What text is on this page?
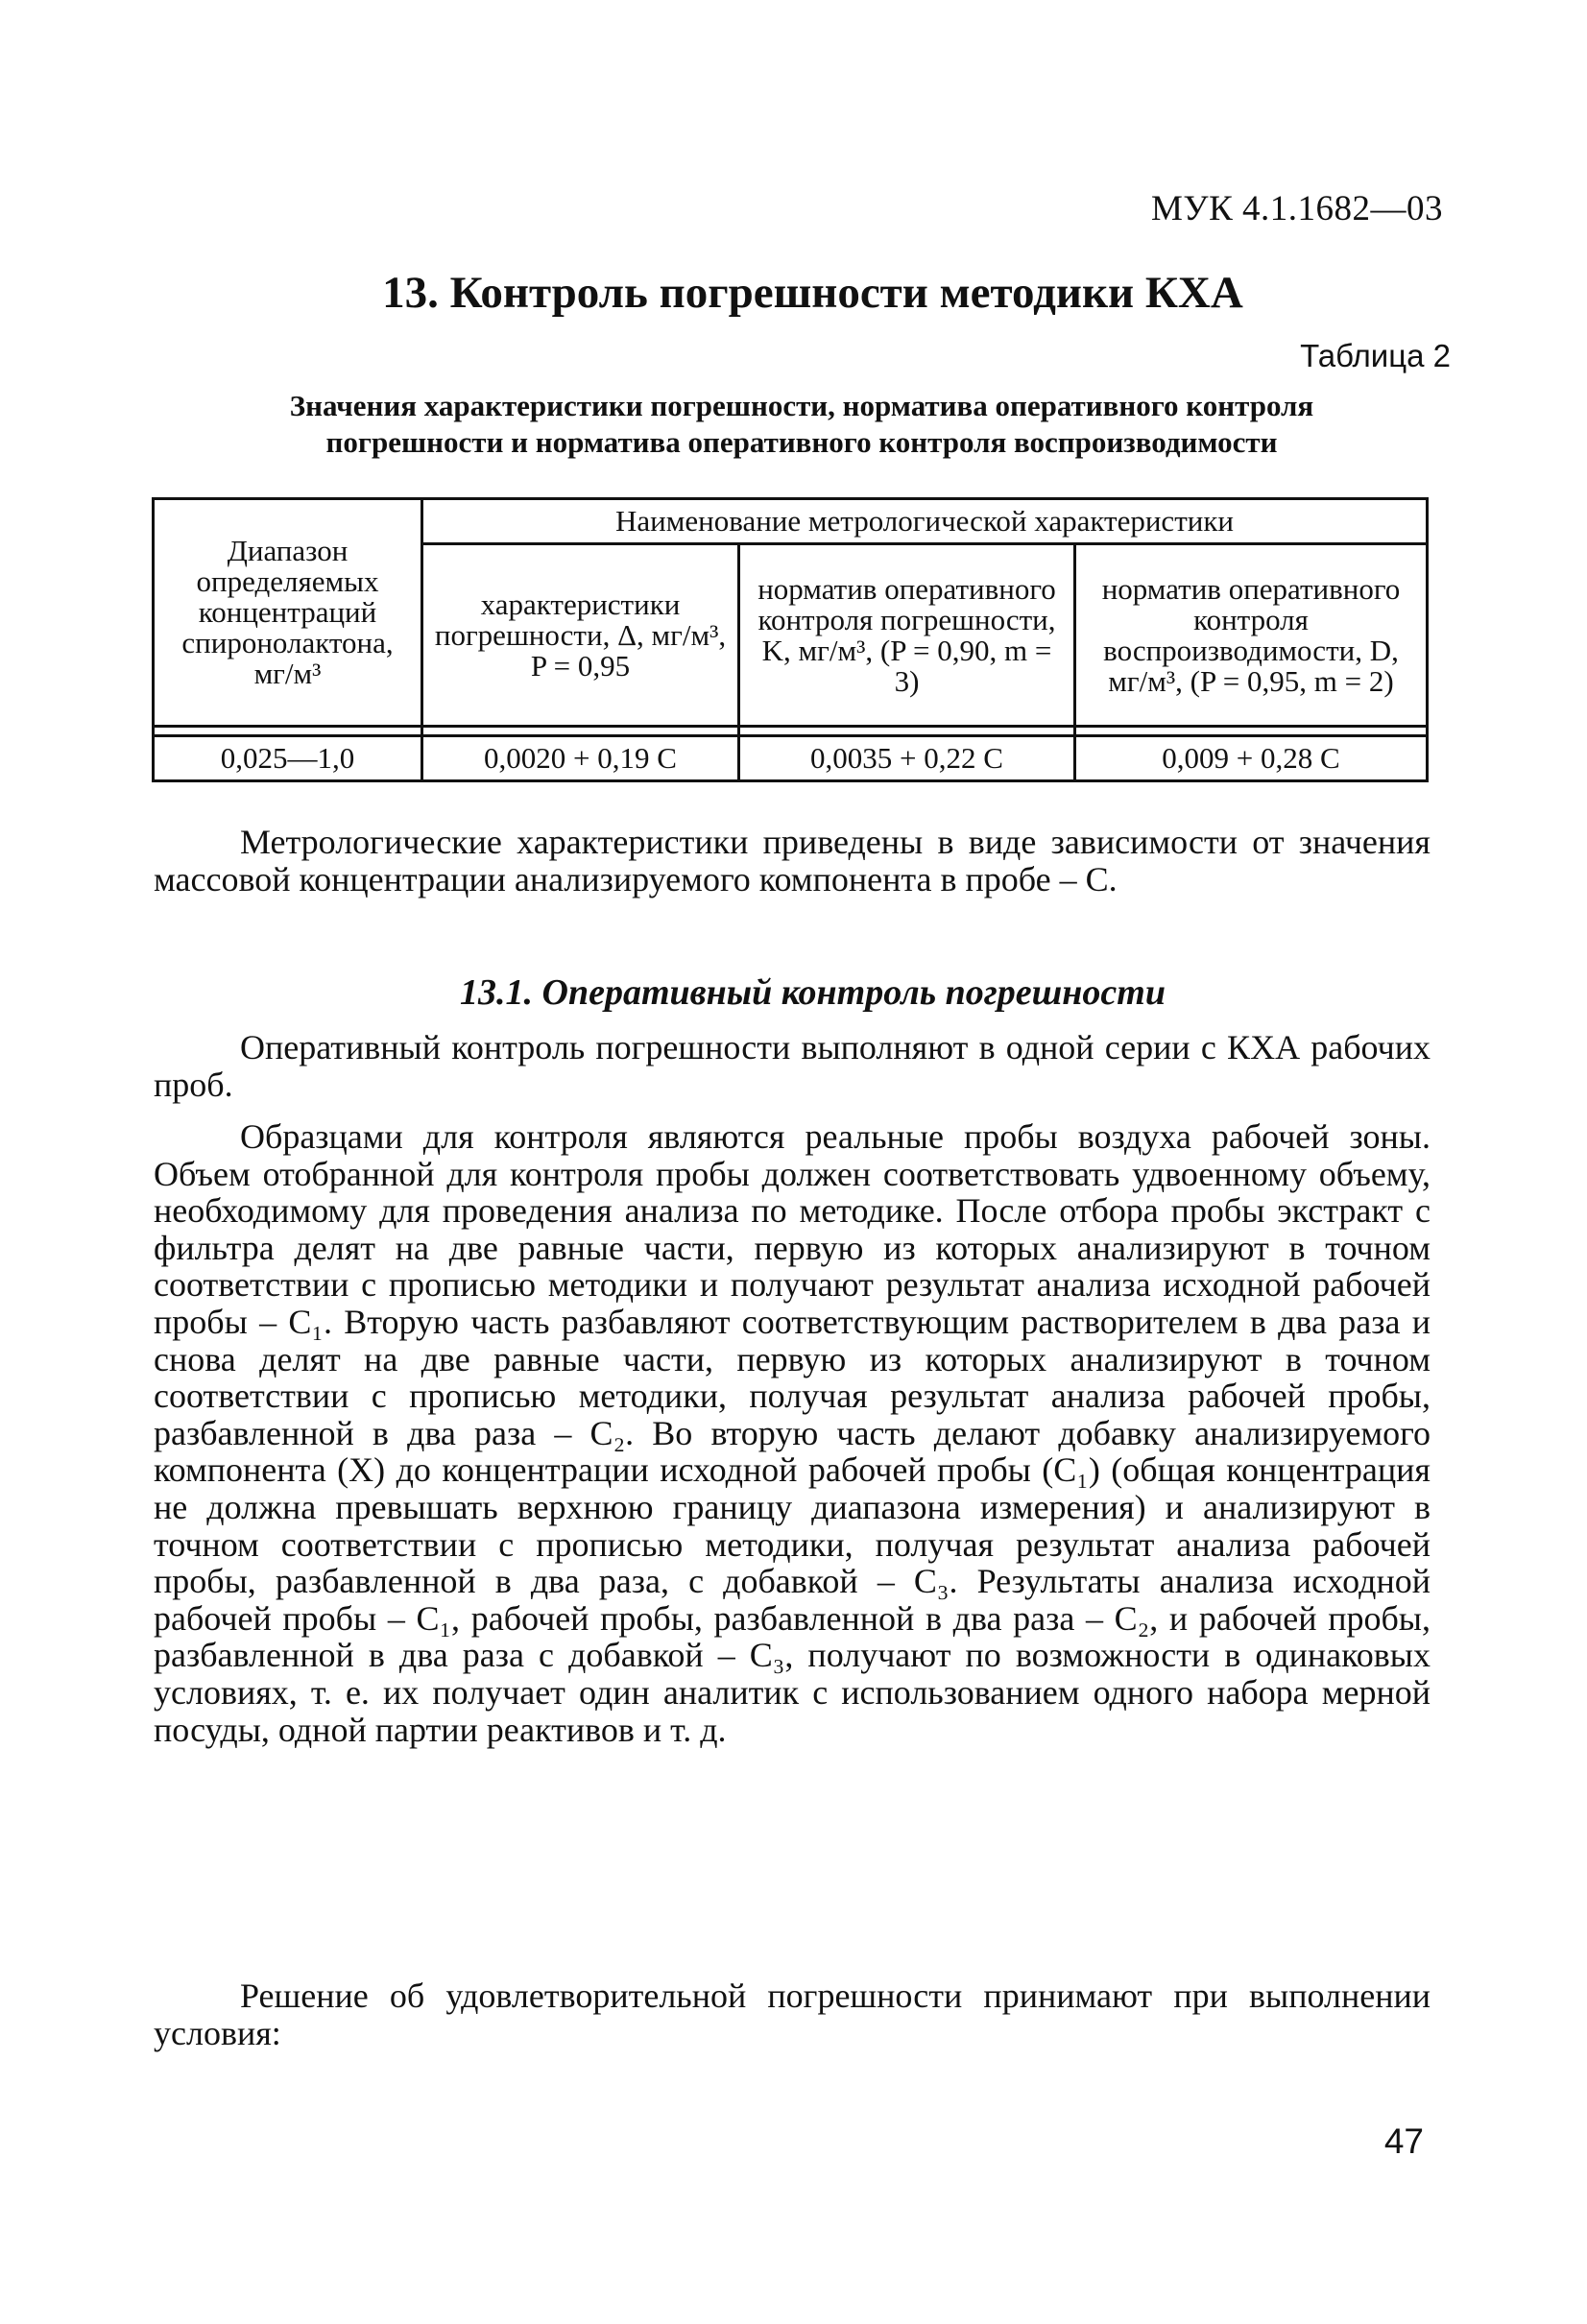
МУК 4.1.1682—03
13. Контроль погрешности методики КХА
Таблица 2
Значения характеристики погрешности, норматива оперативного контроля
погрешности и норматива оперативного контроля воспроизводимости
Диапазон определяемых концентраций спиронолактона, мг/м³	Наименование метрологической характеристики		
	характеристики погрешности, Δ, мг/м³, P = 0,95	норматив оперативного контроля погрешности, K, мг/м³, (P = 0,90, m = 3)	норматив оперативного контроля воспроизводимости, D, мг/м³, (P = 0,95, m = 2)

0,025—1,0	0,0020 + 0,19 C	0,0035 + 0,22 C	0,009 + 0,28 C
Метрологические характеристики приведены в виде зависимости от значения массовой концентрации анализируемого компонента в пробе – C.
13.1. Оперативный контроль погрешности
Оперативный контроль погрешности выполняют в одной серии с КХА рабочих проб.
Образцами для контроля являются реальные пробы воздуха рабочей зоны. Объем отобранной для контроля пробы должен соответствовать удвоенному объему, необходимому для проведения анализа по методике. После отбора пробы экстракт с фильтра делят на две равные части, первую из которых анализируют в точном соответствии с прописью методики и получают результат анализа исходной рабочей пробы – C₁. Вторую часть разбавляют соответствующим растворителем в два раза и снова делят на две равные части, первую из которых анализируют в точном соответствии с прописью методики, получая результат анализа рабочей пробы, разбавленной в два раза – C₂. Во вторую часть делают добавку анализируемого компонента (X) до концентрации исходной рабочей пробы (C₁) (общая концентрация не должна превышать верхнюю границу диапазона измерения) и анализируют в точном соответствии с прописью методики, получая результат анализа рабочей пробы, разбавленной в два раза, с добавкой – C₃. Результаты анализа исходной рабочей пробы – C₁, рабочей пробы, разбавленной в два раза – C₂, и рабочей пробы, разбавленной в два раза с добавкой – C₃, получают по возможности в одинаковых условиях, т. е. их получает один аналитик с использованием одного набора мерной посуды, одной партии реактивов и т. д.
Решение об удовлетворительной погрешности принимают при выполнении условия:
47
